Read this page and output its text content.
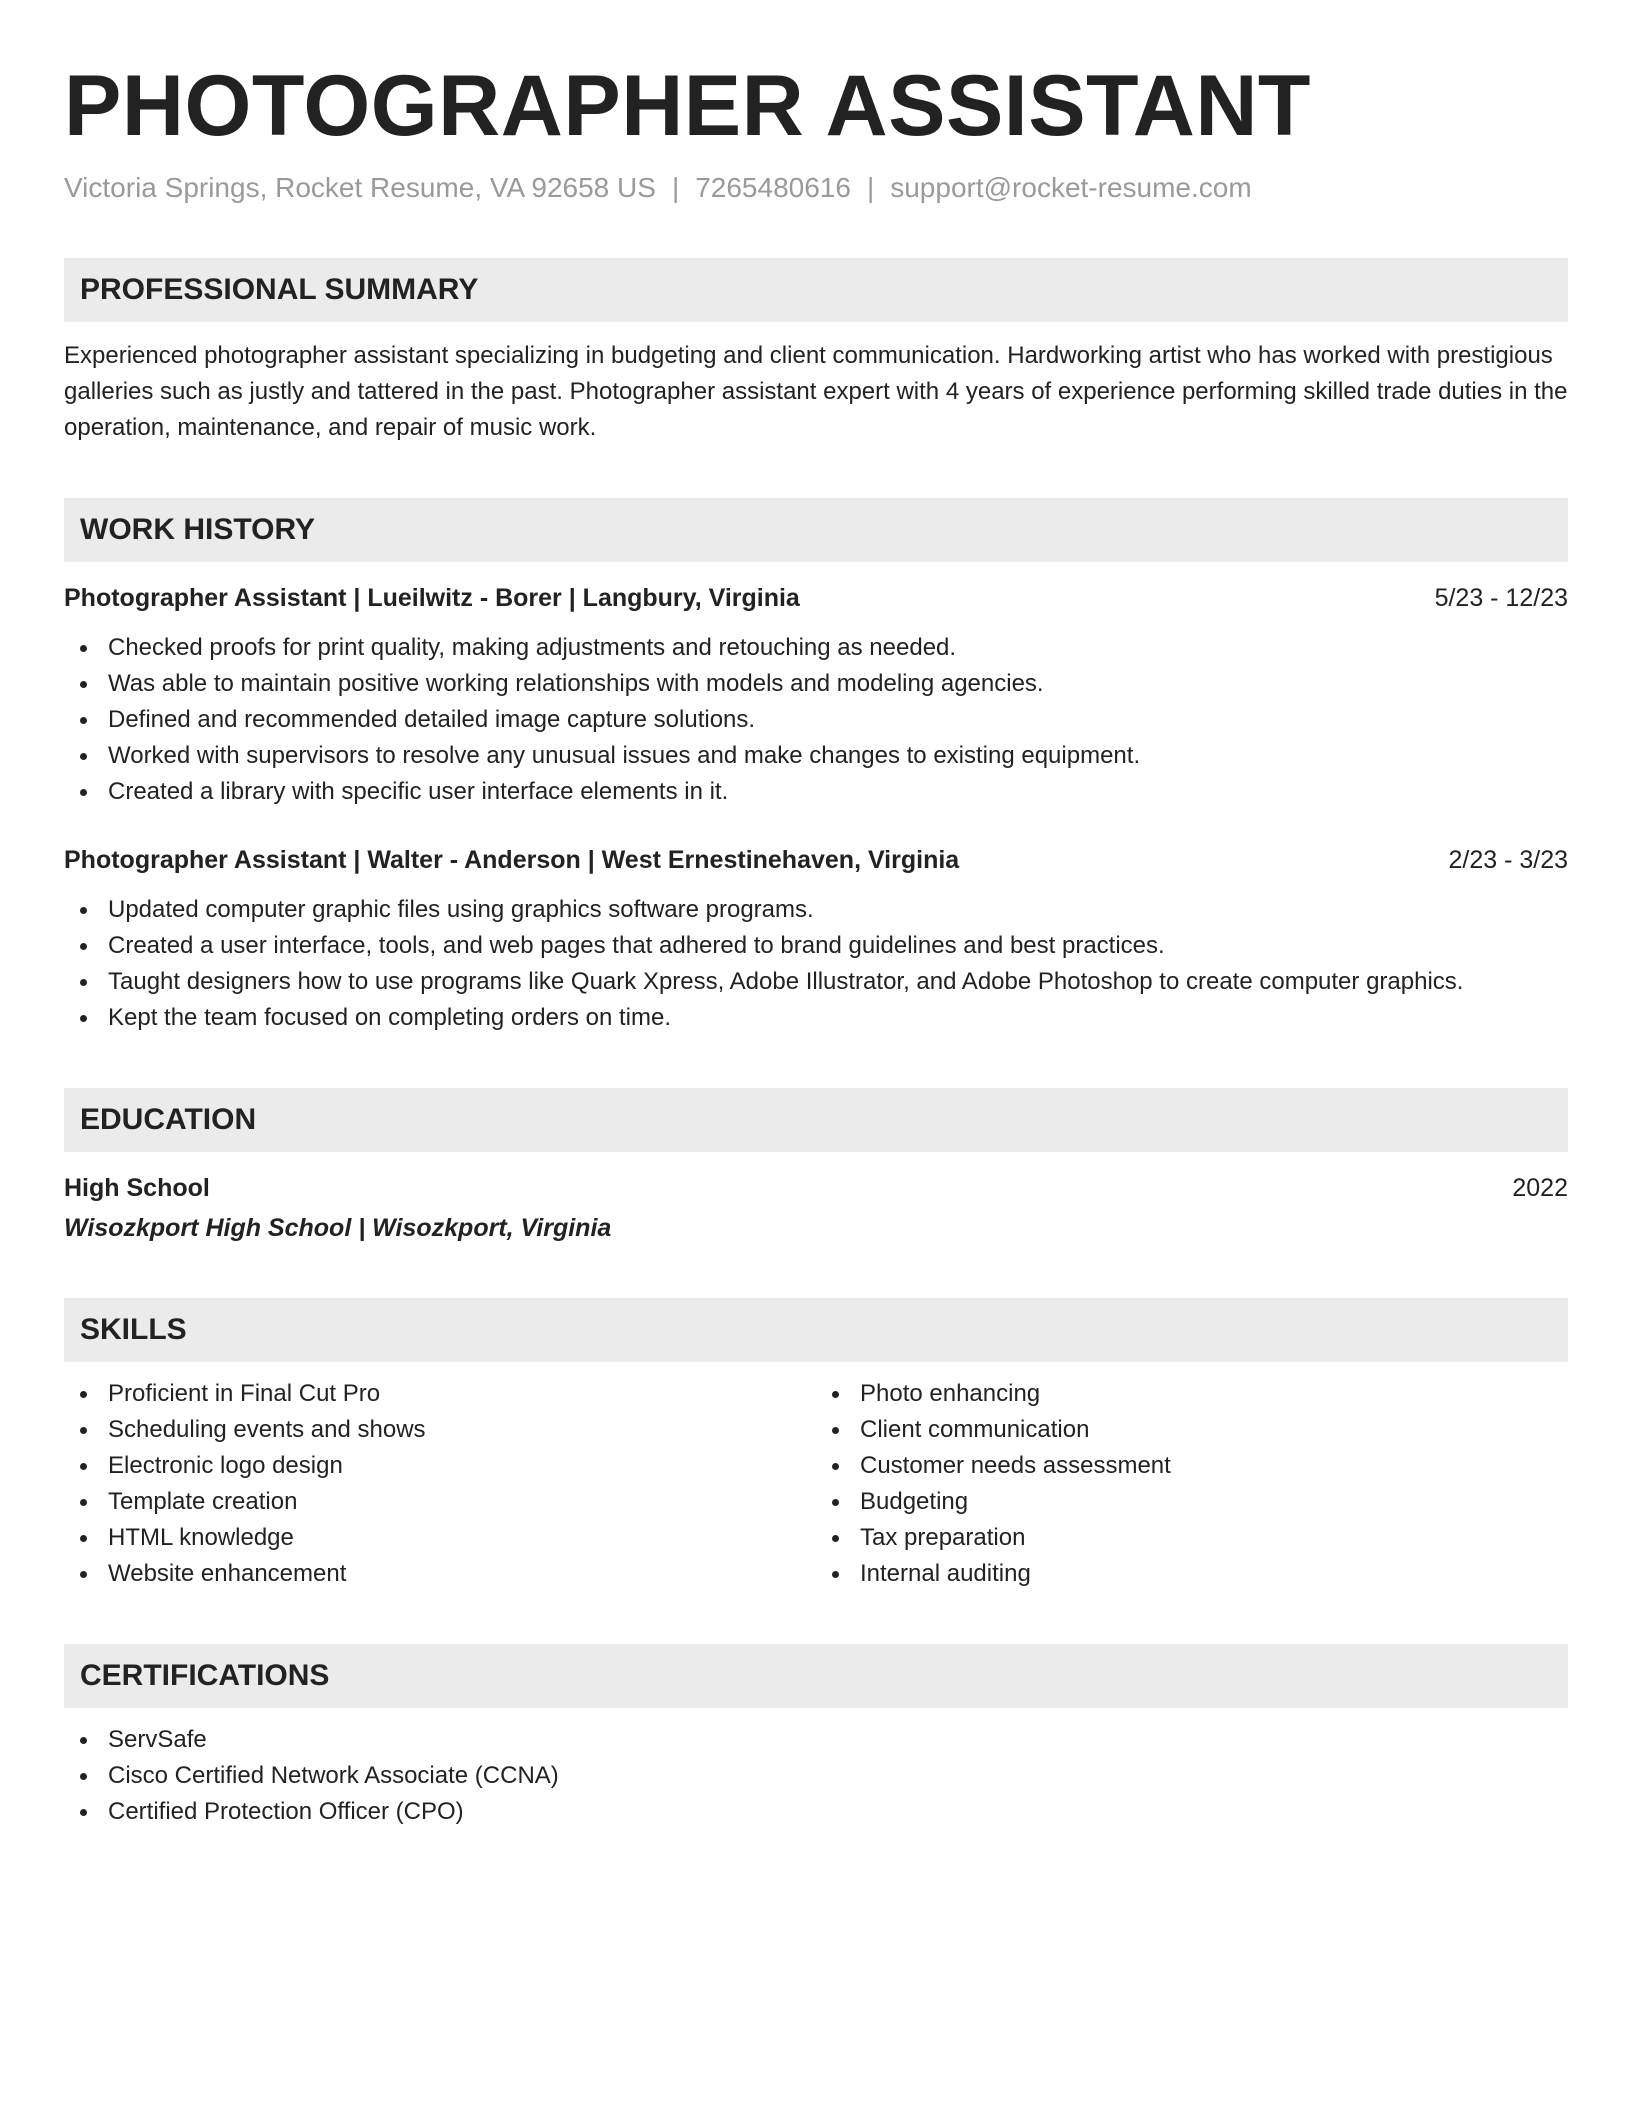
PHOTOGRAPHER ASSISTANT
Victoria Springs, Rocket Resume, VA 92658 US | 7265480616 | support@rocket-resume.com
PROFESSIONAL SUMMARY
Experienced photographer assistant specializing in budgeting and client communication. Hardworking artist who has worked with prestigious galleries such as justly and tattered in the past. Photographer assistant expert with 4 years of experience performing skilled trade duties in the operation, maintenance, and repair of music work.
WORK HISTORY
Photographer Assistant | Lueilwitz - Borer | Langbury, Virginia	5/23 - 12/23
Checked proofs for print quality, making adjustments and retouching as needed.
Was able to maintain positive working relationships with models and modeling agencies.
Defined and recommended detailed image capture solutions.
Worked with supervisors to resolve any unusual issues and make changes to existing equipment.
Created a library with specific user interface elements in it.
Photographer Assistant | Walter - Anderson | West Ernestinehaven, Virginia	2/23 - 3/23
Updated computer graphic files using graphics software programs.
Created a user interface, tools, and web pages that adhered to brand guidelines and best practices.
Taught designers how to use programs like Quark Xpress, Adobe Illustrator, and Adobe Photoshop to create computer graphics.
Kept the team focused on completing orders on time.
EDUCATION
High School	2022
Wisozkport High School | Wisozkport, Virginia
SKILLS
Proficient in Final Cut Pro
Scheduling events and shows
Electronic logo design
Template creation
HTML knowledge
Website enhancement
Photo enhancing
Client communication
Customer needs assessment
Budgeting
Tax preparation
Internal auditing
CERTIFICATIONS
ServSafe
Cisco Certified Network Associate (CCNA)
Certified Protection Officer (CPO)
